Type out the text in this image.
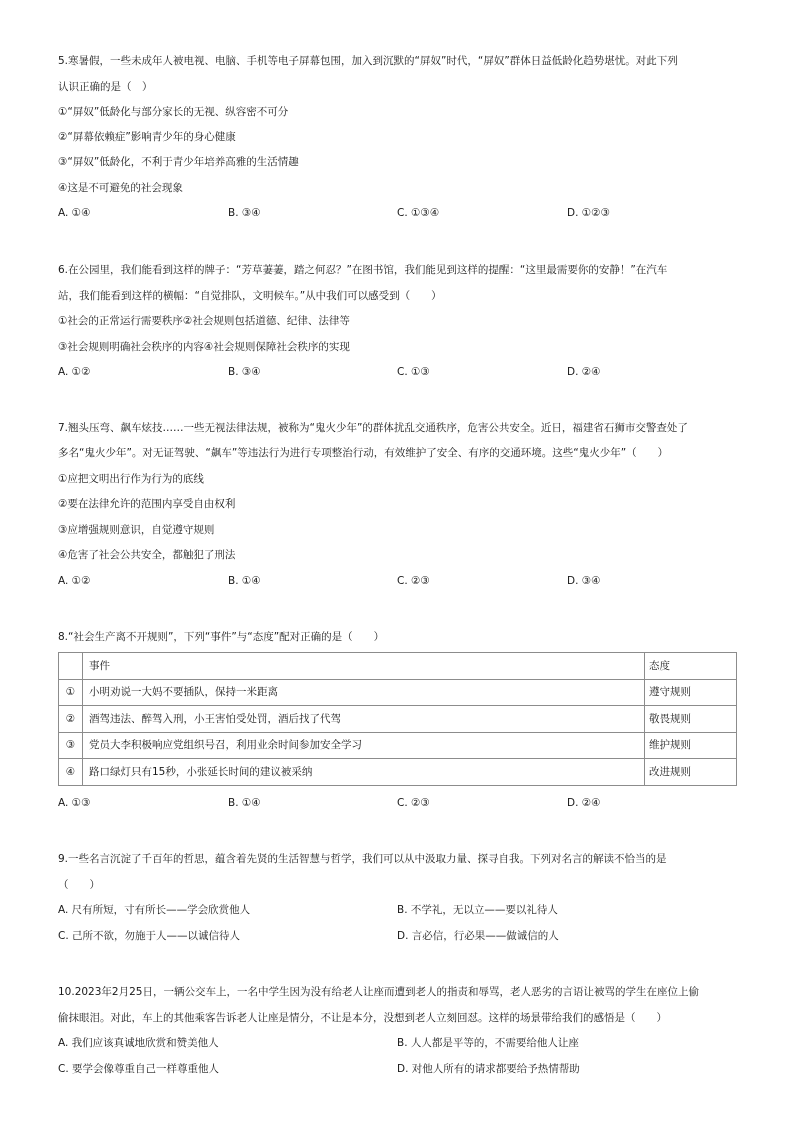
5.寒暑假，一些未成年人被电视、电脑、手机等电子屏幕包围，加入到沉默的“屏奴”时代，“屏奴”群体日益低龄化趋势堪忧。对此下列
认识正确的是（　）
①“屏奴”低龄化与部分家长的无视、纵容密不可分
②“屏幕依赖症”影响青少年的身心健康
③“屏奴”低龄化，不利于青少年培养高雅的生活情趣
④这是不可避免的社会现象
A. ①④	B. ③④	C. ①③④	D. ①②③
6.在公园里，我们能看到这样的牌子：“芳草萋萋，踏之何忍？”在图书馆，我们能见到这样的提醒：“这里最需要你的安静！”在汽车
站，我们能看到这样的横幅：“自觉排队，文明候车。”从中我们可以感受到（　　）
①社会的正常运行需要秩序②社会规则包括道德、纪律、法律等
③社会规则明确社会秩序的内容④社会规则保障社会秩序的实现
A. ①②	B. ③④	C. ①③	D. ②④
7.翘头压弯、飙车炫技……一些无视法律法规，被称为“鬼火少年”的群体扰乱交通秩序，危害公共安全。近日，福建省石狮市交警查处了
多名“鬼火少年”。对无证驾驶、“飙车”等违法行为进行专项整治行动，有效维护了安全、有序的交通环境。这些“鬼火少年”（　　）
①应把文明出行作为行为的底线
②要在法律允许的范围内享受自由权利
③应增强规则意识，自觉遵守规则
④危害了社会公共安全，都触犯了刑法
A. ①②	B. ①④	C. ②③	D. ③④
8.“社会生产离不开规则”，下列“事件”与“态度”配对正确的是（　　）
	事件	态度
①	小明劝说一大妈不要插队，保持一米距离	遵守规则
②	酒驾违法、醉驾入刑，小王害怕受处罚，酒后找了代驾	敬畏规则
③	党员大李积极响应党组织号召，利用业余时间参加安全学习	维护规则
④	路口绿灯只有15秒，小张延长时间的建议被采纳	改进规则
A. ①③	B. ①④	C. ②③	D. ②④
9.一些名言沉淀了千百年的哲思，蕴含着先贤的生活智慧与哲学，我们可以从中汲取力量、探寻自我。下列对名言的解读不恰当的是
（　　）
A. 尺有所短，寸有所长——学会欣赏他人	B. 不学礼，无以立——要以礼待人
C. 己所不欲，勿施于人——以诚信待人	D. 言必信，行必果——做诚信的人
10.2023年2月25日，一辆公交车上，一名中学生因为没有给老人让座而遭到老人的指责和辱骂，老人恶劣的言语让被骂的学生在座位上偷
偷抹眼泪。对此，车上的其他乘客告诉老人让座是情分，不让是本分，没想到老人立刻回怼。这样的场景带给我们的感悟是（　　）
A. 我们应该真诚地欣赏和赞美他人	B. 人人都是平等的，不需要给他人让座
C. 要学会像尊重自己一样尊重他人	D. 对他人所有的请求都要给予热情帮助
